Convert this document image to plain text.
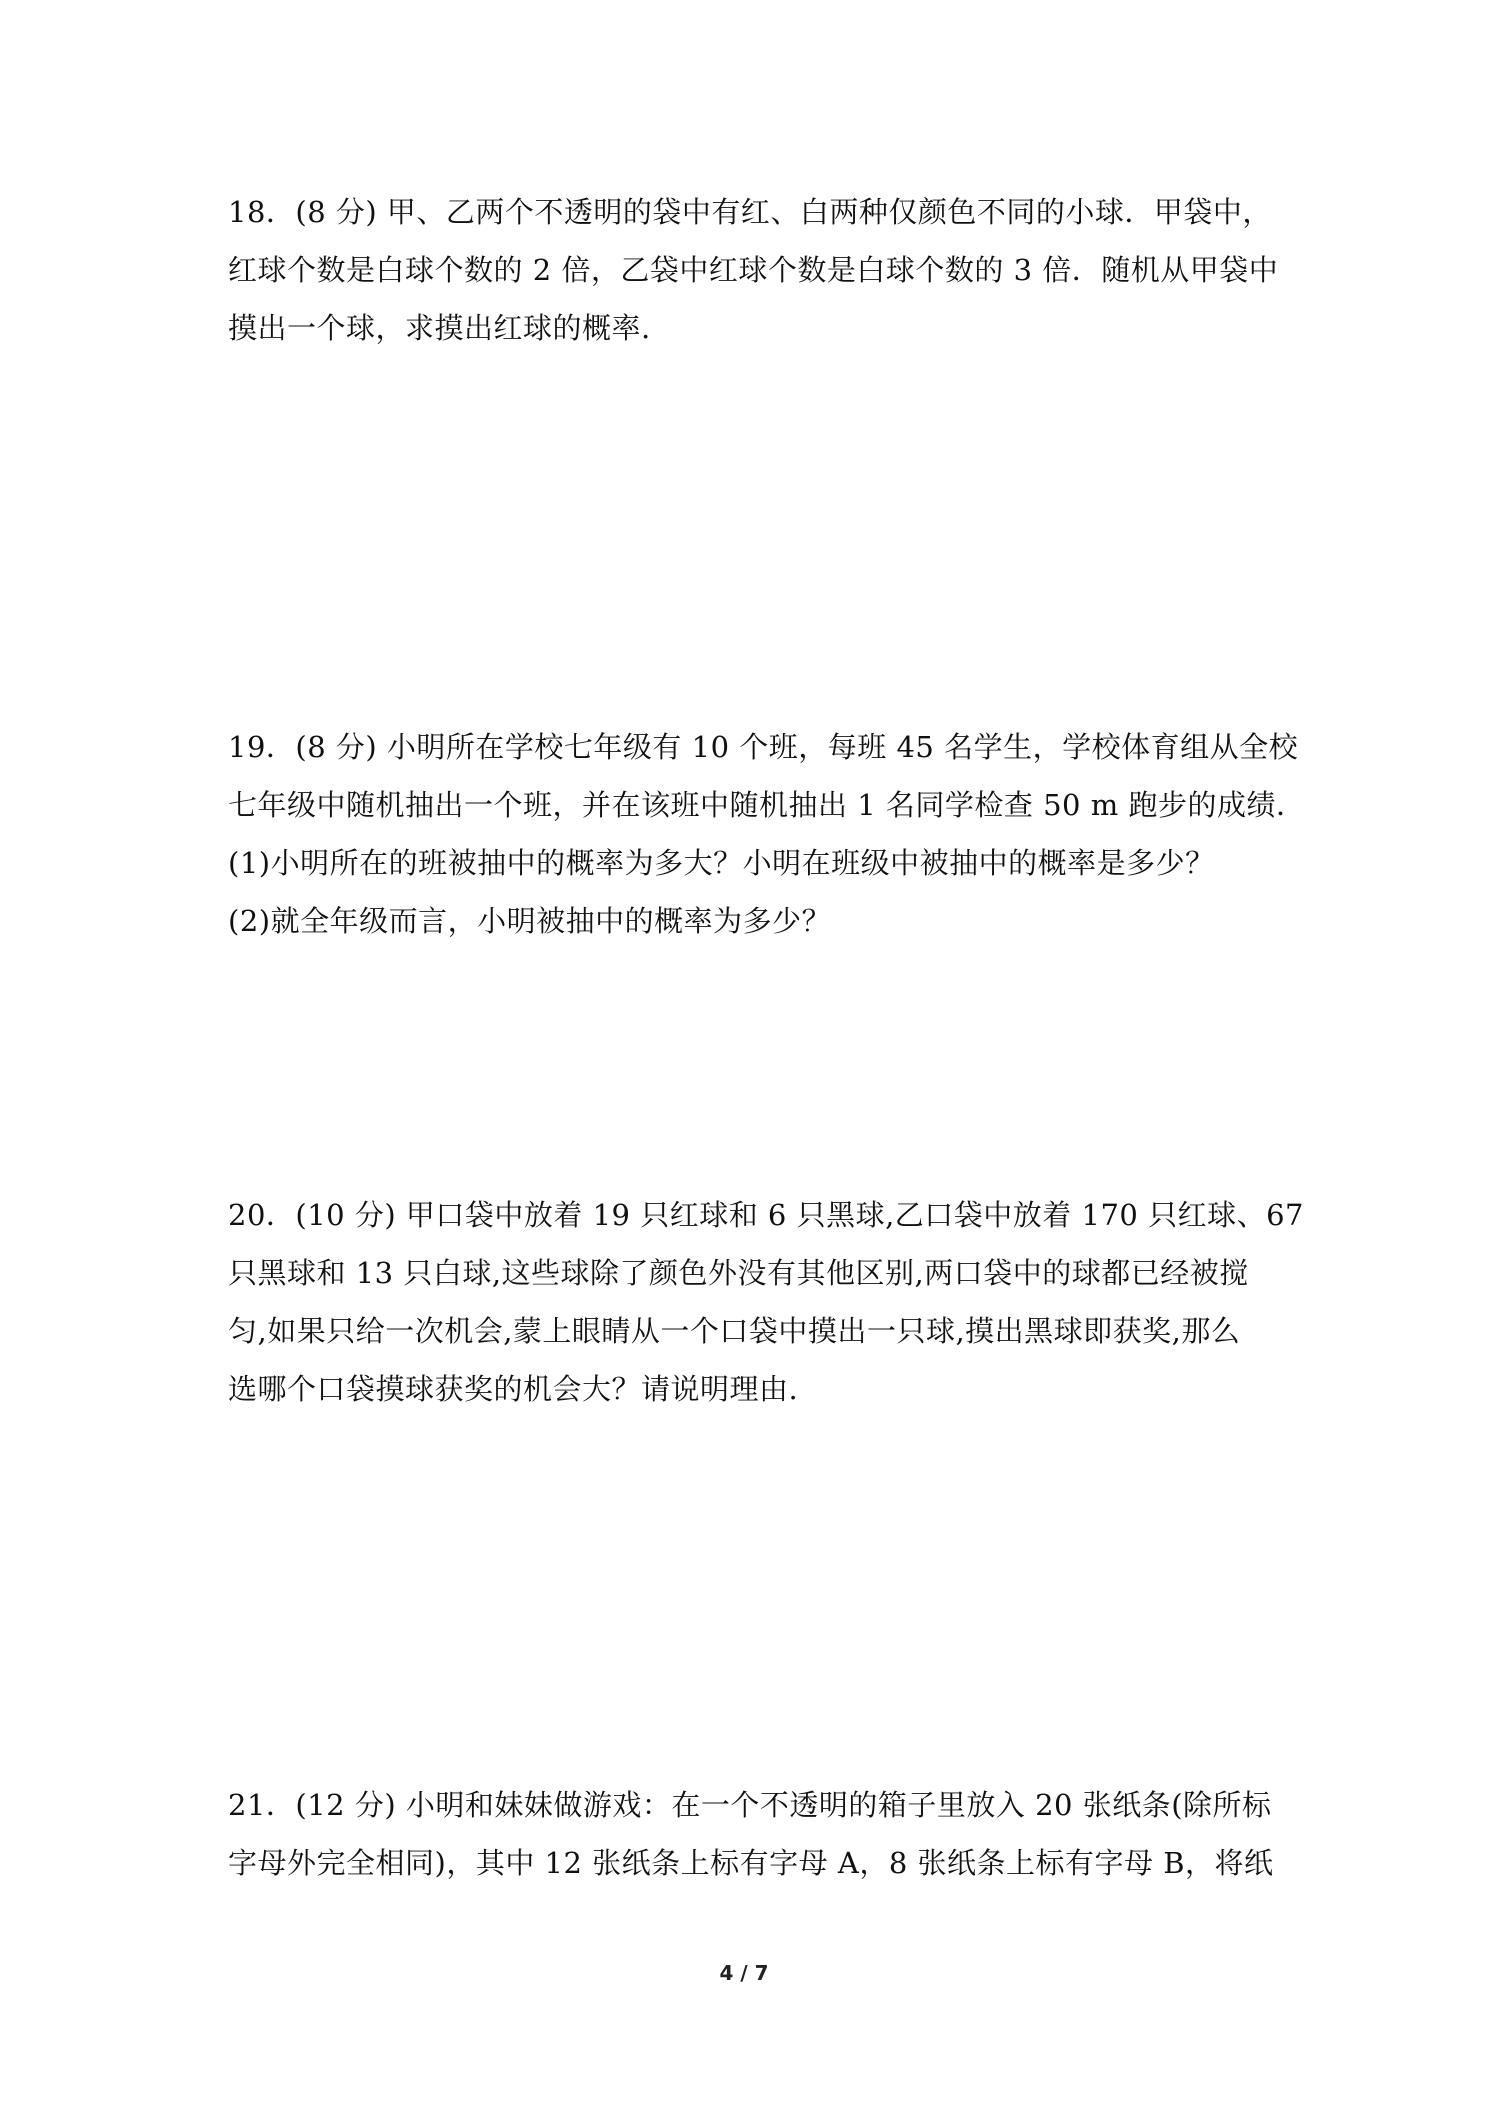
18．(8 分) 甲、乙两个不透明的袋中有红、白两种仅颜色不同的小球．甲袋中，
红球个数是白球个数的 2 倍，乙袋中红球个数是白球个数的 3 倍．随机从甲袋中
摸出一个球，求摸出红球的概率.
19．(8 分) 小明所在学校七年级有 10 个班，每班 45 名学生，学校体育组从全校
七年级中随机抽出一个班，并在该班中随机抽出 1 名同学检查 50 m 跑步的成绩．
(1)小明所在的班被抽中的概率为多大？小明在班级中被抽中的概率是多少？
(2)就全年级而言，小明被抽中的概率为多少？
20．(10 分) 甲口袋中放着 19 只红球和 6 只黑球,乙口袋中放着 170 只红球、67
只黑球和 13 只白球,这些球除了颜色外没有其他区别,两口袋中的球都已经被搅
匀,如果只给一次机会,蒙上眼睛从一个口袋中摸出一只球,摸出黑球即获奖,那么
选哪个口袋摸球获奖的机会大？请说明理由.
21．(12 分) 小明和妹妹做游戏：在一个不透明的箱子里放入 20 张纸条(除所标
字母外完全相同)，其中 12 张纸条上标有字母 A，8 张纸条上标有字母 B，将纸
4 / 7
